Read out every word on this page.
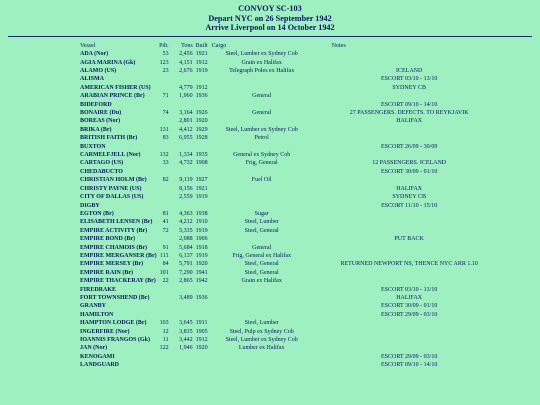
CONVOY SC-103
Depart NYC on 26 September 1942
Arrive Liverpool on 14 October 1942
Vessel	Pdt.	Tons	Built	Cargo	Notes
ADA (Nor)	53	2,456	1921	Steel, Lumber ex Sydney Cob	
AGIA MARINA (Gk)	123	4,151	1912	Grain ex Halifax	
ALAMO (US)	23	2,676	1919	Telegraph Poles ex Halifax	ICELAND
ALISMA					ESCORT 03/10 - 13/10
AMERICAN FISHER (US)		4,779	1912		SYDNEY CB
ARABIAN PRINCE (Br)	71	1,960	1936	General	
BIDEFORD					ESCORT 09/10 - 14/10
BONAIRE (Du)	74	3,164	1926	General	27 PASSENGERS. DEFECTS. TO REYKJAVIK
BOREAS (Nor)		2,801	1920		HALIFAX
BRIKA (Br)	131	4,412	1929	Steel, Lumber ex Sydney Cob	
BRITISH FAITH (Br)	83	6,955	1928	Petrol	
BUXTON					ESCORT 26/09 - 30/09
CARMELFJELL (Nor)	132	1,334	1935	General ex Sydney Cob	
CARTAGO (US)	33	4,732	1908	Frig, General	12 PASSENGERS. ICELAND
CHEDABUCTO					ESCORT 30/09 - 01/10
CHRISTIAN HOLM (Br)	82	9,119	1927	Fuel Oil	
CHRISTY PAYNE (US)		8,156	1921		HALIFAX
CITY OF DALLAS (US)		2,559	1919		SYDNEY CB
DIGBY					ESCORT 11/10 - 15/10
EGTON (Br)	81	4,363	1938	Sugar	
ELISABETH LENSEN (Br)	41	4,212	1910	Steel, Lumber	
EMPIRE ACTIVITY (Br)	72	5,335	1919	Steel, General	
EMPIRE BOND (Br)		2,088	1906		PUT BACK
EMPIRE CHAMOIS (Br)	91	5,684	1918	General	
EMPIRE MERGANSER (Br)	111	6,137	1919	Frig, General ex Halifax	
EMPIRE MERSEY (Br)	84	5,791	1920	Steel, General	RETURNED NEWPORT NS, THENCE NYC ARR 1.10
EMPIRE RAIN (Br)	101	7,290	1941	Steel, General	
EMPIRE THACKERAY (Br)	22	2,865	1942	Grain ex Halifax	
FIREDRAKE					ESCORT 03/10 - 13/10
FORT TOWNSHEND (Br)		3,489	1936		HALIFAX
GRANBY					ESCORT 30/09 - 01/10
HAMILTON					ESCORT 29/09 - 03/10
HAMPTON LODGE (Br)	103	3,645	1911	Steel, Lumber	
INGERFIRE (Nor)	12	3,835	1905	Steel, Pulp ex Sydney Cob	
IOANNIS FRANGOS (Gk)	11	3,442	1912	Steel, Lumber ex Sydney Cob	
JAN (Nor)	122	1,946	1920	Lumber ex Halifax	
KENOGAMI					ESCORT 29/09 - 03/10
LANDGUARD					ESCORT 09/10 - 14/10
